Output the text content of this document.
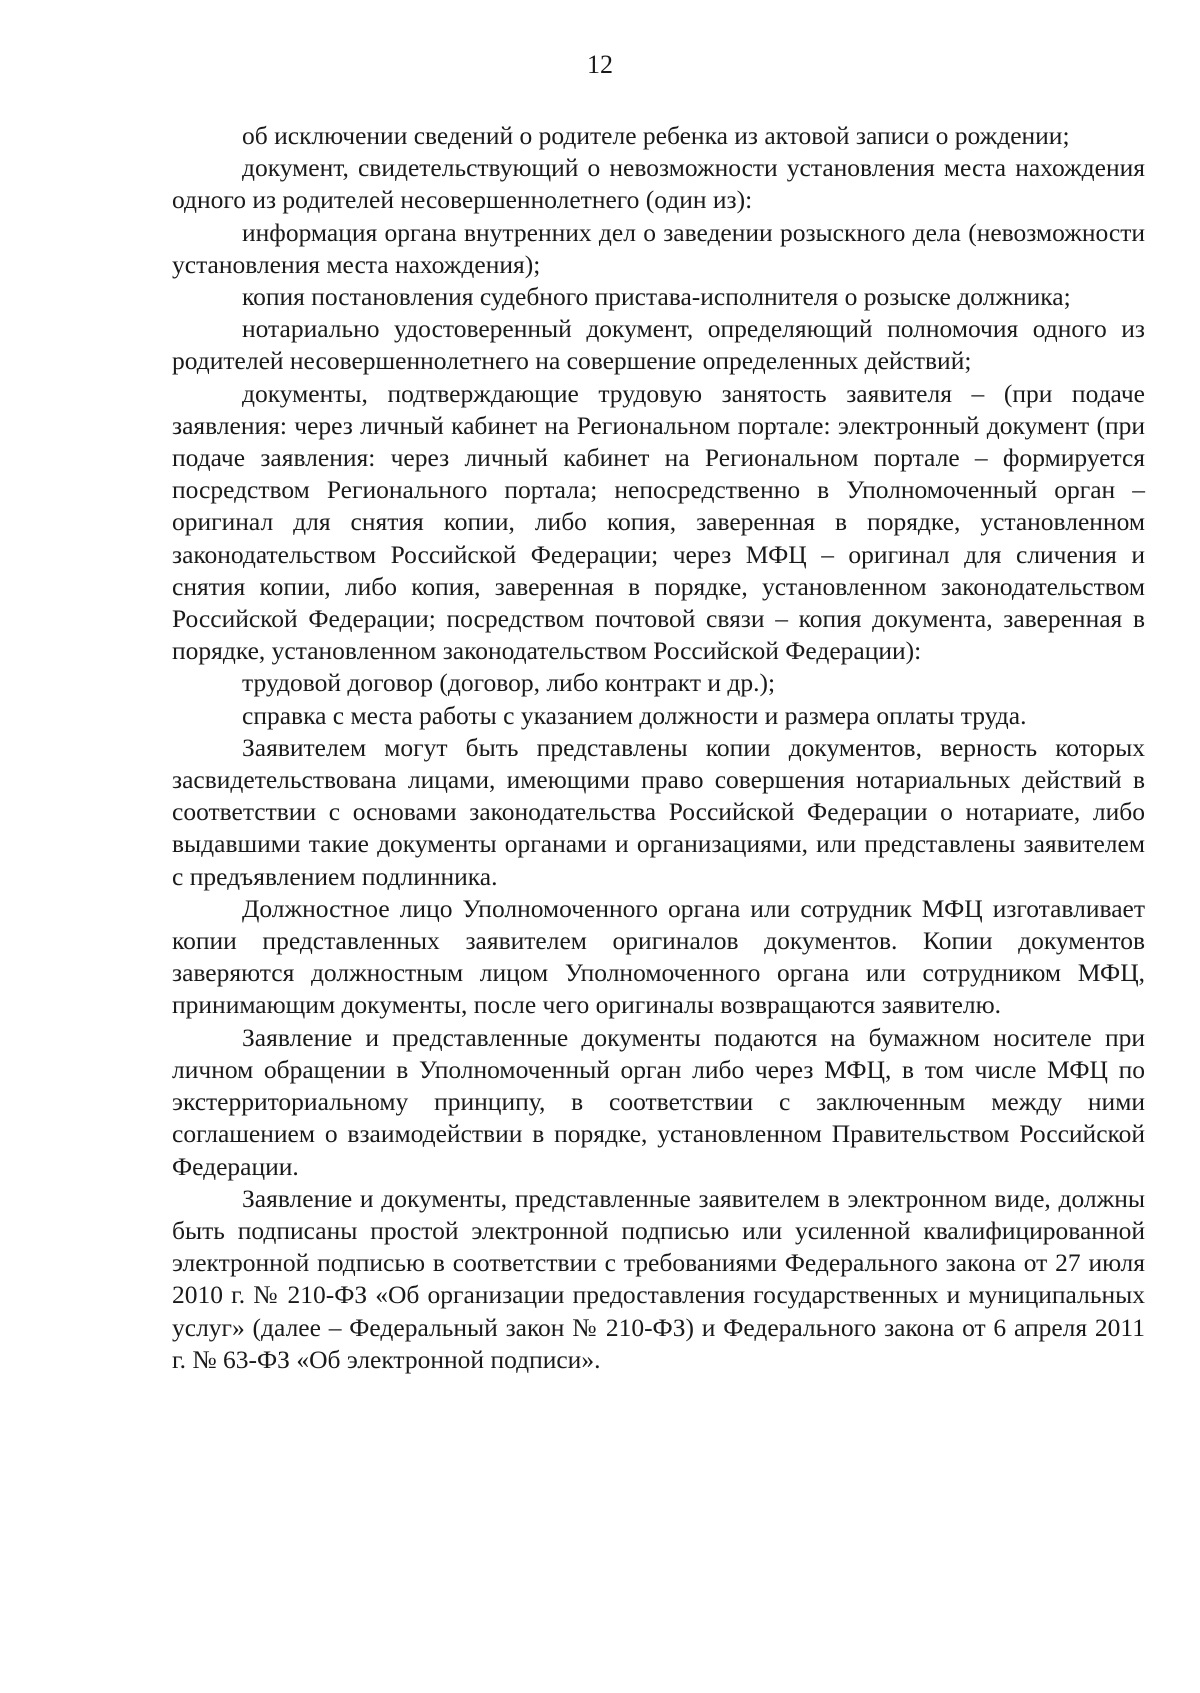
12

об исключении сведений о родителе ребенка из актовой записи о рождении;

документ, свидетельствующий о невозможности установления места нахождения одного из родителей несовершеннолетнего (один из):

информация органа внутренних дел о заведении розыскного дела (невозможности установления места нахождения);

копия постановления судебного пристава-исполнителя о розыске должника;

нотариально удостоверенный документ, определяющий полномочия одного из родителей несовершеннолетнего на совершение определенных действий;

документы, подтверждающие трудовую занятость заявителя – (при подаче заявления: через личный кабинет на Региональном портале: электронный документ (при подаче заявления: через личный кабинет на Региональном портале – формируется посредством Регионального портала; непосредственно в Уполномоченный орган – оригинал для снятия копии, либо копия, заверенная в порядке, установленном законодательством Российской Федерации; через МФЦ – оригинал для сличения и снятия копии, либо копия, заверенная в порядке, установленном законодательством Российской Федерации; посредством почтовой связи – копия документа, заверенная в порядке, установленном законодательством Российской Федерации):

трудовой договор (договор, либо контракт и др.);

справка с места работы с указанием должности и размера оплаты труда.

Заявителем могут быть представлены копии документов, верность которых засвидетельствована лицами, имеющими право совершения нотариальных действий в соответствии с основами законодательства Российской Федерации о нотариате, либо выдавшими такие документы органами и организациями, или представлены заявителем с предъявлением подлинника.

Должностное лицо Уполномоченного органа или сотрудник МФЦ изготавливает копии представленных заявителем оригиналов документов. Копии документов заверяются должностным лицом Уполномоченного органа или сотрудником МФЦ, принимающим документы, после чего оригиналы возвращаются заявителю.

Заявление и представленные документы подаются на бумажном носителе при личном обращении в Уполномоченный орган либо через МФЦ, в том числе МФЦ по экстерриториальному принципу, в соответствии с заключенным между ними соглашением о взаимодействии в порядке, установленном Правительством Российской Федерации.

Заявление и документы, представленные заявителем в электронном виде, должны быть подписаны простой электронной подписью или усиленной квалифицированной электронной подписью в соответствии с требованиями Федерального закона от 27 июля 2010 г. № 210-ФЗ «Об организации предоставления государственных и муниципальных услуг» (далее – Федеральный закон № 210-ФЗ) и Федерального закона от 6 апреля 2011 г. № 63-ФЗ «Об электронной подписи».
